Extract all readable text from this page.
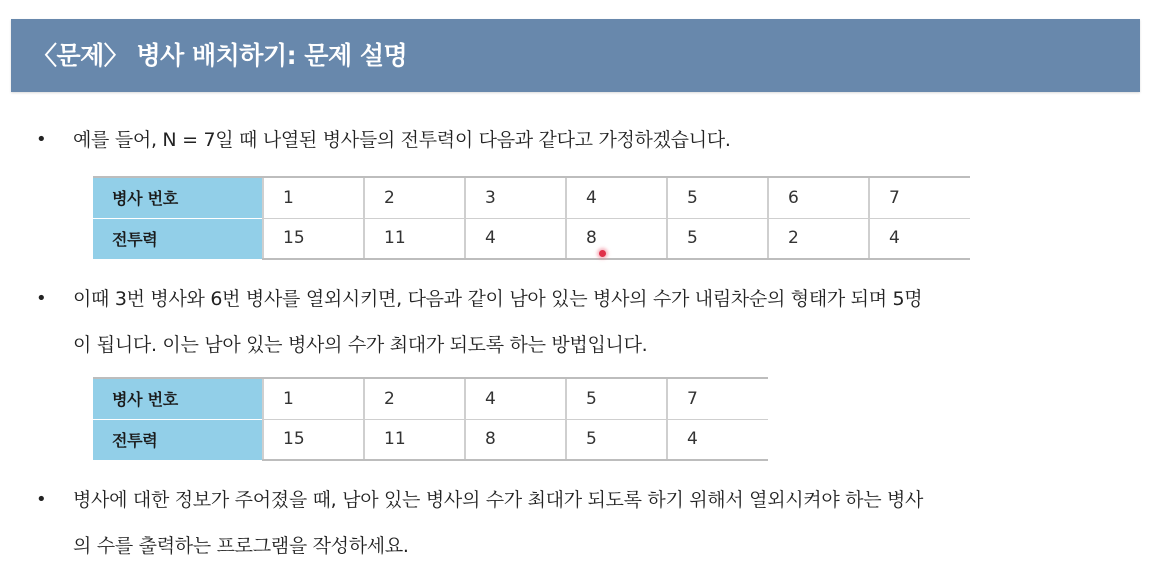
〈문제〉 병사 배치하기: 문제 설명
• 예를 들어, N = 7일 때 나열된 병사들의 전투력이 다음과 같다고 가정하겠습니다.
병사 번호	1	2	3	4	5	6	7
전투력	15	11	4	8	5	2	4
• 이때 3번 병사와 6번 병사를 열외시키면, 다음과 같이 남아 있는 병사의 수가 내림차순의 형태가 되며 5명
이 됩니다. 이는 남아 있는 병사의 수가 최대가 되도록 하는 방법입니다.
병사 번호	1	2	4	5	7
전투력	15	11	8	5	4
• 병사에 대한 정보가 주어졌을 때, 남아 있는 병사의 수가 최대가 되도록 하기 위해서 열외시켜야 하는 병사
의 수를 출력하는 프로그램을 작성하세요.
